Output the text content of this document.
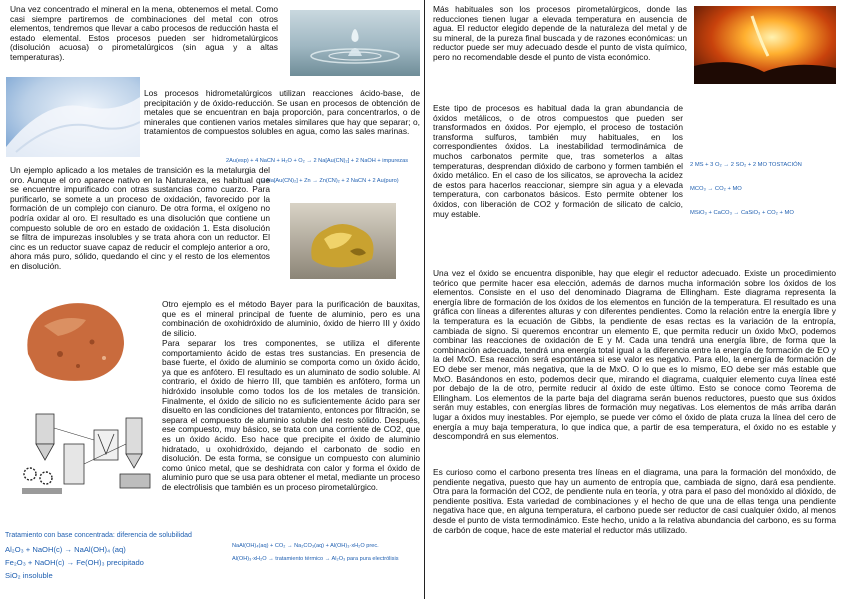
Una vez concentrado el mineral en la mena, obtenemos el metal. Como casi siempre partiremos de combinaciones del metal con otros elementos, tendremos que llevar a cabo procesos de reducción hasta el estado elemental. Estos procesos pueden ser hidrometalúrgicos (disolución acuosa) o pirometalúrgicos (sin agua y a altas temperaturas).

Los procesos hidrometalúrgicos utilizan reacciones ácido-base, de precipitación y de óxido-reducción. Se usan en procesos de obtención de metales que se encuentran en baja proporción, para concentrarlos, o de minerales que contienen varios metales similares que hay que separar; o, tratamientos de compuestos solubles en agua, como las sales marinas.

2Au(esp) + 4 NaCN + H₂O + O₂ → 2 Na[Au(CN)₂] + 2 NaOH + impurezas
2 Na[Au(CN)₂] + Zn → Zn(CN)₂ + 2 NaCN + 2 Au(puro)

Un ejemplo aplicado a los metales de transición es la metalurgia del oro. Aunque el oro aparece nativo en la Naturaleza, es habitual que se encuentre impurificado con otras sustancias como cuarzo. Para purificarlo, se somete a un proceso de oxidación, favorecido por la formación de un complejo con cianuro. De otra forma, el oxígeno no podría oxidar al oro. El resultado es una disolución que contiene un compuesto soluble de oro en estado de oxidación 1. Esta disolución se filtra de impurezas insolubles y se trata ahora con un reductor. El cinc es un reductor suave capaz de reducir el complejo anterior a oro, ahora más puro, sólido, quedando el cinc y el resto de los elementos en disolución.

Otro ejemplo es el método Bayer para la purificación de bauxitas, que es el mineral principal de fuente de aluminio, pero es una combinación de oxohidróxido de aluminio, óxido de hierro III y óxido de silicio.

Para separar los tres componentes, se utiliza el diferente comportamiento ácido de estas tres sustancias. En presencia de base fuerte, el óxido de aluminio se comporta como un óxido ácido, ya que es anfótero. El resultado es un aluminato de sodio soluble. Al contrario, el óxido de hierro III, que también es anfótero, forma un hidróxido insoluble como todos los de los metales de transición. Finalmente, el óxido de silicio no es suficientemente ácido para ser disuelto en las condiciones del tratamiento, entonces por filtración, se separa el compuesto de aluminio soluble del resto sólido. Después, ese compuesto, muy básico, se trata con una corriente de CO2, que es un óxido ácido. Eso hace que precipite el óxido de aluminio hidratado, u oxohidróxido, dejando el carbonato de sodio en disolución. De esta forma, se consigue un compuesto con aluminio como único metal, que se deshidrata con calor y forma el óxido de aluminio puro que se usa para obtener el metal, mediante un proceso de electrólisis que también es un proceso pirometalúrgico.

Tratamiento con base concentrada: diferencia de solubilidad
Al₂O₃ + NaOH(c) → NaAl(OH)₄ (aq)
Fe₂O₃ + NaOH(c) → Fe(OH)₃ precipitado
SiO₂ insoluble
NaAl(OH)₄(aq) + CO₂ → Na₂CO₃(aq) + Al(OH)₃·xH₂O prec.
Al(OH)₃·xH₂O → tratamiento térmico → Al₂O₃ para pura electrólisis

Más habituales son los procesos pirometalúrgicos, donde las reducciones tienen lugar a elevada temperatura en ausencia de agua. El reductor elegido depende de la naturaleza del metal y de su mineral, de la pureza final buscada y de razones económicas: un reductor puede ser muy adecuado desde el punto de vista químico, pero no recomendable desde el punto de vista económico.

Este tipo de procesos es habitual dada la gran abundancia de óxidos metálicos, o de otros compuestos que pueden ser transformados en óxidos. Por ejemplo, el proceso de tostación transforma sulfuros, también muy habituales, en los correspondientes óxidos. La inestabilidad termodinámica de muchos carbonatos permite que, tras someterlos a altas temperaturas, desprendan dióxido de carbono y formen también el óxido metálico. En el caso de los silicatos, se aprovecha la acidez de estos para hacerlos reaccionar, siempre sin agua y a elevada temperatura, con carbonatos básicos. Esto permite obtener los óxidos, con liberación de CO2 y formación de silicato de calcio, muy estable.

2 MS + 3 O₂ → 2 SO₂ + 2 MO TOSTACIÓN
MCO₃ → CO₂ + MO
MSiO₃ + CaCO₃ → CaSiO₃ + CO₂ + MO

Una vez el óxido se encuentra disponible, hay que elegir el reductor adecuado. Existe un procedimiento teórico que permite hacer esa elección, además de darnos mucha información sobre los óxidos de los elementos. Consiste en el uso del denominado Diagrama de Ellingham. Este diagrama representa la energía libre de formación de los óxidos de los elementos en función de la temperatura. El resultado es una gráfica con líneas a diferentes alturas y con diferentes pendientes. Como la relación entre la energía libre y la temperatura es la ecuación de Gibbs, la pendiente de esas rectas es la variación de la entropía, cambiada de signo. Si queremos encontrar un elemento E, que permita reducir un óxido MxO, podemos combinar las reacciones de oxidación de E y M. Cada una tendrá una energía libre, de forma que la combinación adecuada, tendrá una energía total igual a la diferencia entre la energía de formación de EO y la del MxO. Esa reacción será espontánea si ese valor es negativo. Para ello, la energía de formación de EO debe ser menor, más negativa, que la de MxO. O lo que es lo mismo, EO debe ser más estable que MxO. Basándonos en esto, podemos decir que, mirando el diagrama, cualquier elemento cuya línea esté por debajo de la de otro, permite reducir al óxido de este último. Esto se conoce como Teorema de Ellingham. Los elementos de la parte baja del diagrama serán buenos reductores, puesto que sus óxidos serán muy estables, con energías libres de formación muy negativas. Los elementos de más arriba darán lugar a óxidos muy inestables. Por ejemplo, se puede ver cómo el óxido de plata cruza la línea del cero de energía a muy baja temperatura, lo que indica que, a partir de esa temperatura, el óxido no es estable y descompondrá en sus elementos.

Es curioso como el carbono presenta tres líneas en el diagrama, una para la formación del monóxido, de pendiente negativa, puesto que hay un aumento de entropía que, cambiada de signo, dará esa pendiente. Otra para la formación del CO2, de pendiente nula en teoría, y otra para el paso del monóxido al dióxido, de pendiente positiva. Esta variedad de combinaciones y el hecho de que una de ellas tenga una pendiente negativa hace que, en alguna temperatura, el carbono puede ser reductor de casi cualquier óxido, al menos desde el punto de vista termodinámico. Este hecho, unido a la relativa abundancia del carbono, es su forma de carbón de coque, hace de este material el reductor más utilizado.
